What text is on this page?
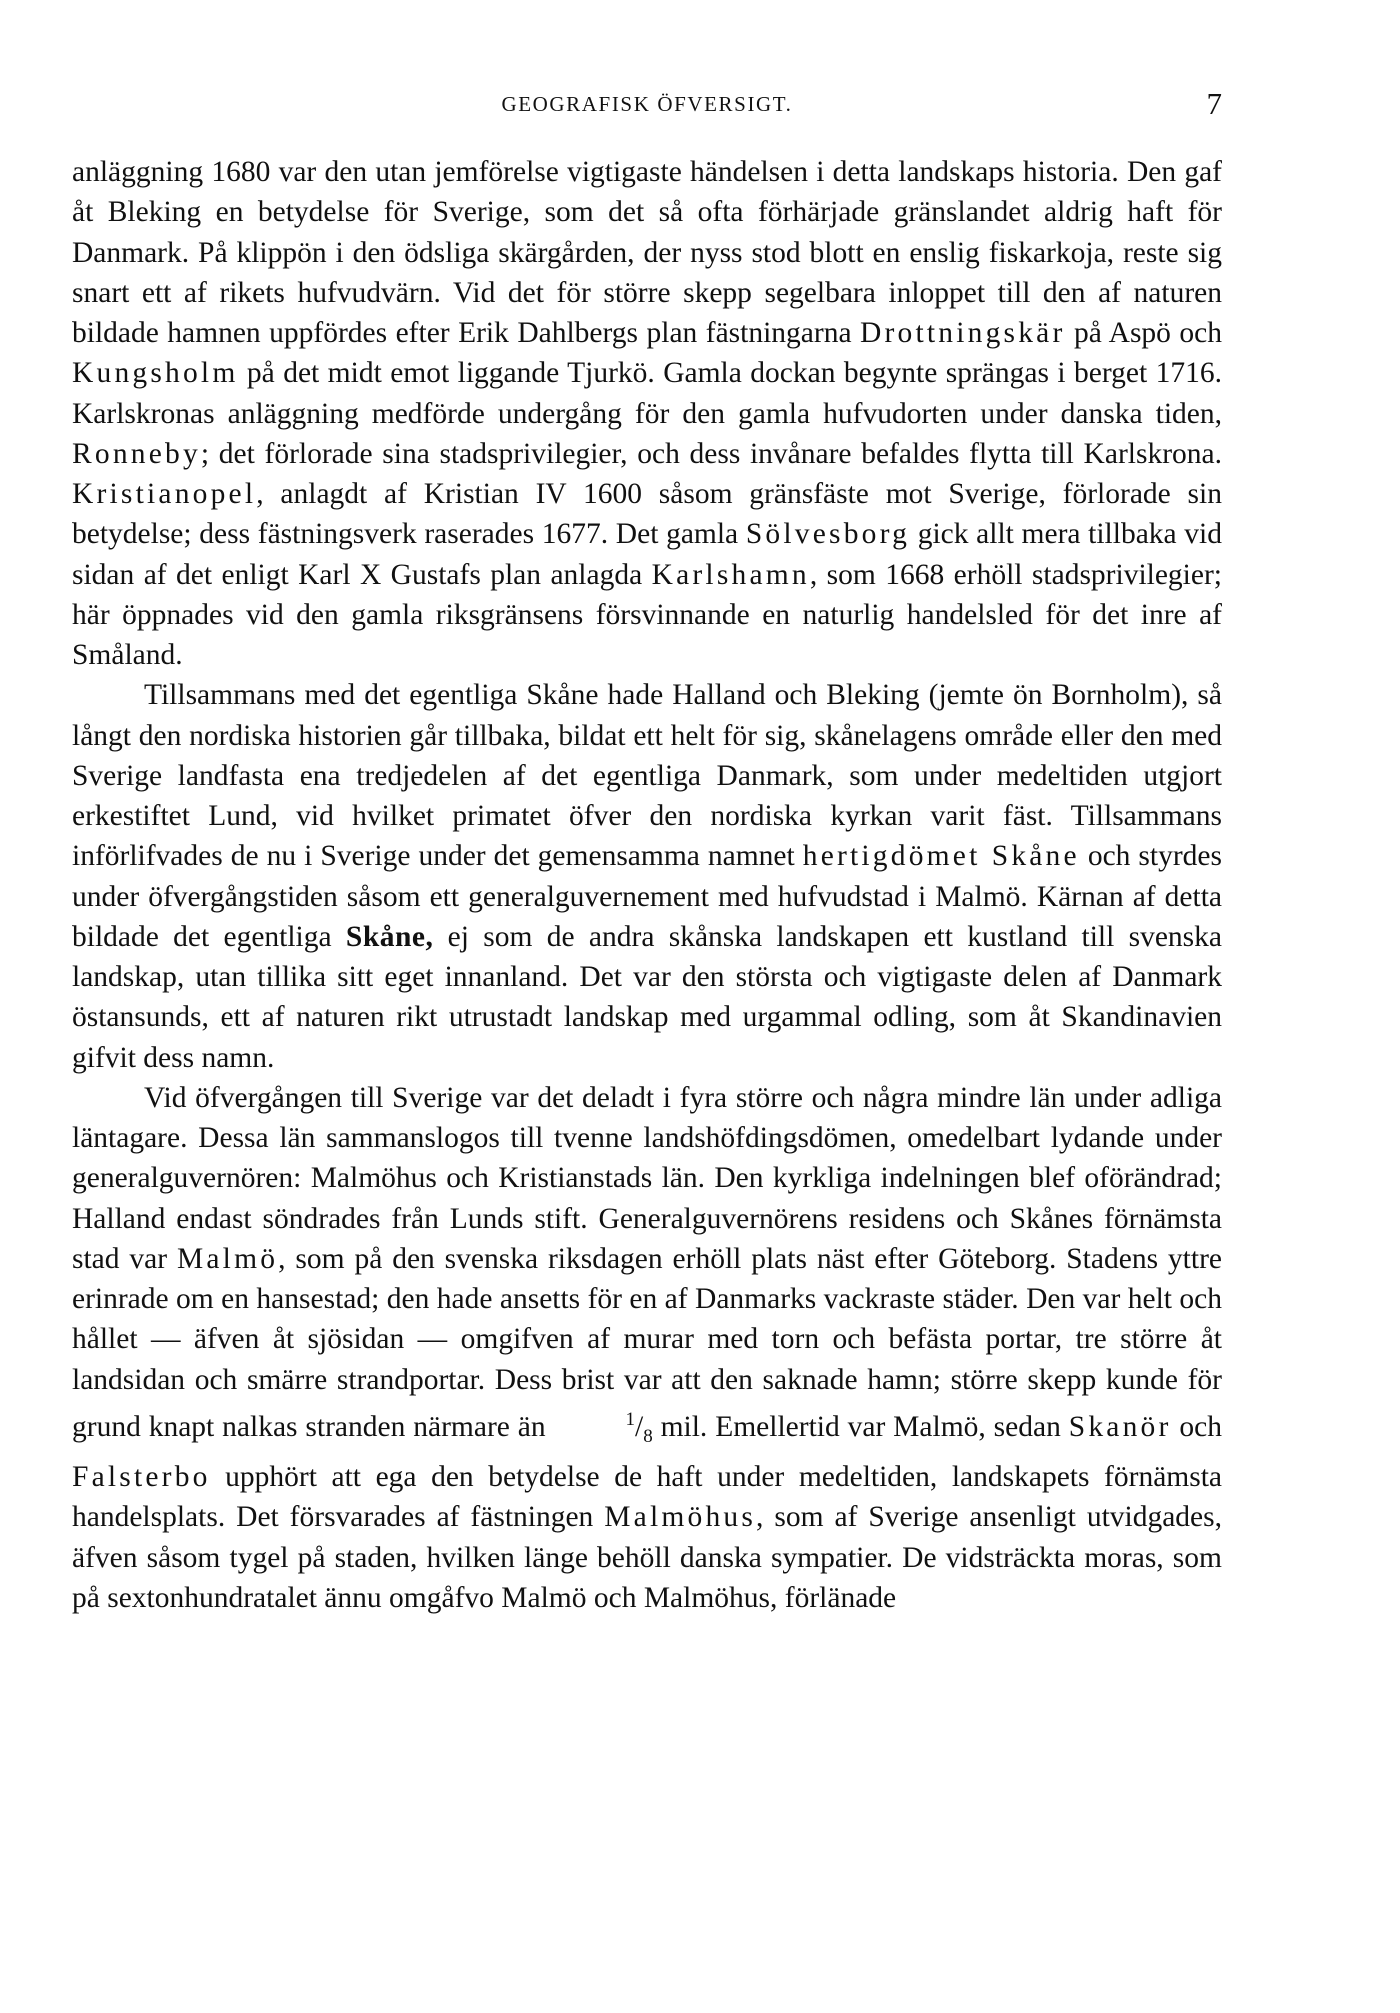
GEOGRAFISK ÖFVERSIGT.	7

anläggning 1680 var den utan jemförelse vigtigaste händelsen i detta landskaps historia. Den gaf åt Bleking en betydelse för Sverige, som det så ofta förhärjade gränslandet aldrig haft för Danmark. På klippön i den ödsliga skärgården, der nyss stod blott en enslig fiskarkoja, reste sig snart ett af rikets hufvudvärn. Vid det för större skepp segelbara inloppet till den af naturen bildade hamnen uppfördes efter Erik Dahlbergs plan fästningarna Drottningskär på Aspö och Kungsholm på det midt emot liggande Tjurkö. Gamla dockan begynte sprängas i berget 1716. Karlskronas anläggning medförde undergång för den gamla hufvudorten under danska tiden, Ronneby; det förlorade sina stadsprivilegier, och dess invånare befaldes flytta till Karlskrona. Kristianopel, anlagdt af Kristian IV 1600 såsom gränsfäste mot Sverige, förlorade sin betydelse; dess fästningsverk raserades 1677. Det gamla Sölvesborg gick allt mera tillbaka vid sidan af det enligt Karl X Gustafs plan anlagda Karlshamn, som 1668 erhöll stadsprivilegier; här öppnades vid den gamla riksgränsens försvinnande en naturlig handelsled för det inre af Småland.

Tillsammans med det egentliga Skåne hade Halland och Bleking (jemte ön Bornholm), så långt den nordiska historien går tillbaka, bildat ett helt för sig, skånelagens område eller den med Sverige landfasta ena tredjedelen af det egentliga Danmark, som under medeltiden utgjort erkestiftet Lund, vid hvilket primatet öfver den nordiska kyrkan varit fäst. Tillsammans införlifvades de nu i Sverige under det gemensamma namnet hertigdömet Skåne och styrdes under öfvergångstiden såsom ett generalguvernement med hufvudstad i Malmö. Kärnan af detta bildade det egentliga Skåne, ej som de andra skånska landskapen ett kustland till svenska landskap, utan tillika sitt eget innanland. Det var den största och vigtigaste delen af Danmark östansunds, ett af naturen rikt utrustadt landskap med urgammal odling, som åt Skandinavien gifvit dess namn.

Vid öfvergången till Sverige var det deladt i fyra större och några mindre län under adliga läntagare. Dessa län sammanslogos till tvenne landshöfdingsdömen, omedelbart lydande under generalguvernören: Malmöhus och Kristianstads län. Den kyrkliga indelningen blef oförändrad; Halland endast söndrades från Lunds stift. Generalguvernörens residens och Skånes förnämsta stad var Malmö, som på den svenska riksdagen erhöll plats näst efter Göteborg. Stadens yttre erinrade om en hansestad; den hade ansetts för en af Danmarks vackraste städer. Den var helt och hållet — äfven åt sjösidan — omgifven af murar med torn och befästa portar, tre större åt landsidan och smärre strandportar. Dess brist var att den saknade hamn; större skepp kunde för grund knapt nalkas stranden närmare än	$^1/_8$ mil. Emellertid var Malmö, sedan Skanör och Falsterbo upphört att ega den betydelse de haft under medeltiden, landskapets förnämsta handelsplats. Det försvarades af fästningen Malmöhus, som af Sverige ansenligt utvidgades, äfven såsom tygel på staden, hvilken länge behöll danska sympatier. De vidsträckta moras, som på sextonhundratalet ännu omgåfvo Malmö och Malmöhus, förlänade
